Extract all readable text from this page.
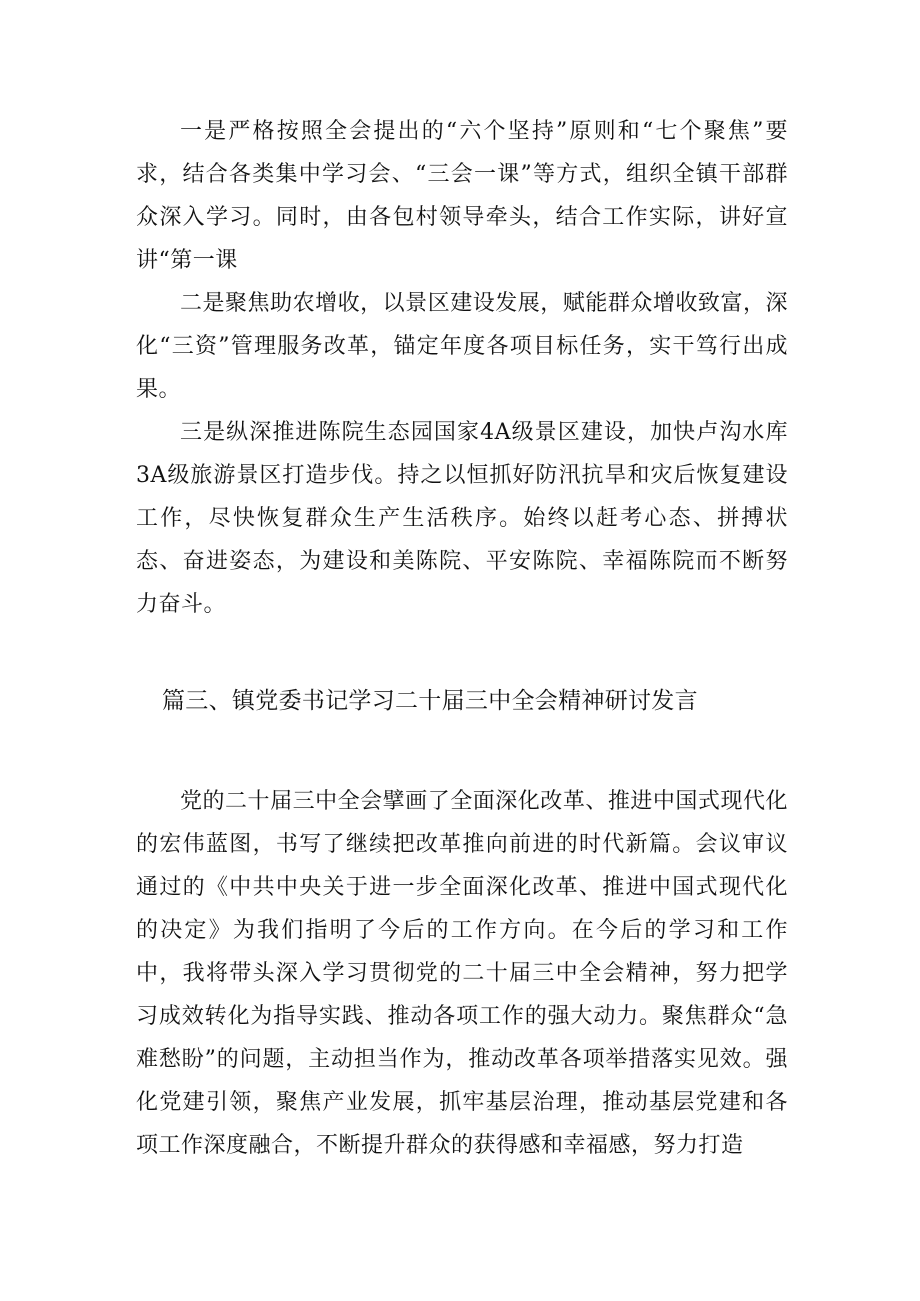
一是严格按照全会提出的“六个坚持”原则和“七个聚焦”要求，结合各类集中学习会、“三会一课”等方式，组织全镇干部群众深入学习。同时，由各包村领导牵头，结合工作实际，讲好宣讲“第一课

二是聚焦助农增收，以景区建设发展，赋能群众增收致富，深化“三资”管理服务改革，锚定年度各项目标任务，实干笃行出成果。

三是纵深推进陈院生态园国家4A级景区建设，加快卢沟水库3A级旅游景区打造步伐。持之以恒抓好防汛抗旱和灾后恢复建设工作，尽快恢复群众生产生活秩序。始终以赶考心态、拼搏状态、奋进姿态，为建设和美陈院、平安陈院、幸福陈院而不断努力奋斗。

篇三、镇党委书记学习二十届三中全会精神研讨发言

党的二十届三中全会擘画了全面深化改革、推进中国式现代化的宏伟蓝图，书写了继续把改革推向前进的时代新篇。会议审议通过的《中共中央关于进一步全面深化改革、推进中国式现代化的决定》为我们指明了今后的工作方向。在今后的学习和工作中，我将带头深入学习贯彻党的二十届三中全会精神，努力把学习成效转化为指导实践、推动各项工作的强大动力。聚焦群众“急难愁盼”的问题，主动担当作为，推动改革各项举措落实见效。强化党建引领，聚焦产业发展，抓牢基层治理，推动基层党建和各项工作深度融合，不断提升群众的获得感和幸福感，努力打造
